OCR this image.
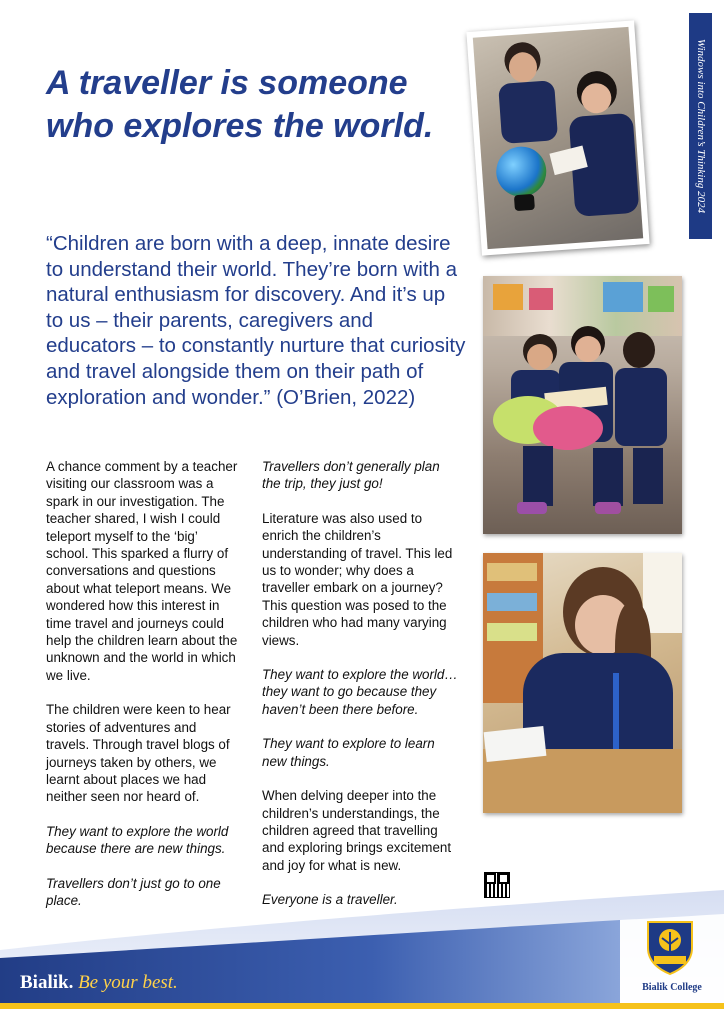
A traveller is someone who explores the world.

“Children are born with a deep, innate desire to understand their world. They’re born with a natural enthusiasm for discovery. And it’s up to us – their parents, caregivers and educators – to constantly nurture that curiosity and travel alongside them on their path of exploration and wonder.” (O’Brien, 2022)

A chance comment by a teacher visiting our classroom was a spark in our investigation. The teacher shared, I wish I could teleport myself to the ‘big’ school. This sparked a flurry of conversations and questions about what teleport means. We wondered how this interest in time travel and journeys could help the children learn about the unknown and the world in which we live.

The children were keen to hear stories of adventures and travels. Through travel blogs of journeys taken by others, we learnt about places we had neither seen nor heard of.

They want to explore the world because there are new things.

Travellers don’t just go to one place.

Travellers don’t generally plan the trip, they just go!

Literature was also used to enrich the children’s understanding of travel. This led us to wonder; why does a traveller embark on a journey? This question was posed to the children who had many varying views.

They want to explore the world… they want to go because they haven’t been there before.

They want to explore to learn new things.

When delving deeper into the children’s understandings, the children agreed that travelling and exploring brings excitement and joy for what is new.

Everyone is a traveller.

Windows into Children’s Thinking 2024
Bialik. Be your best.	Bialik College
